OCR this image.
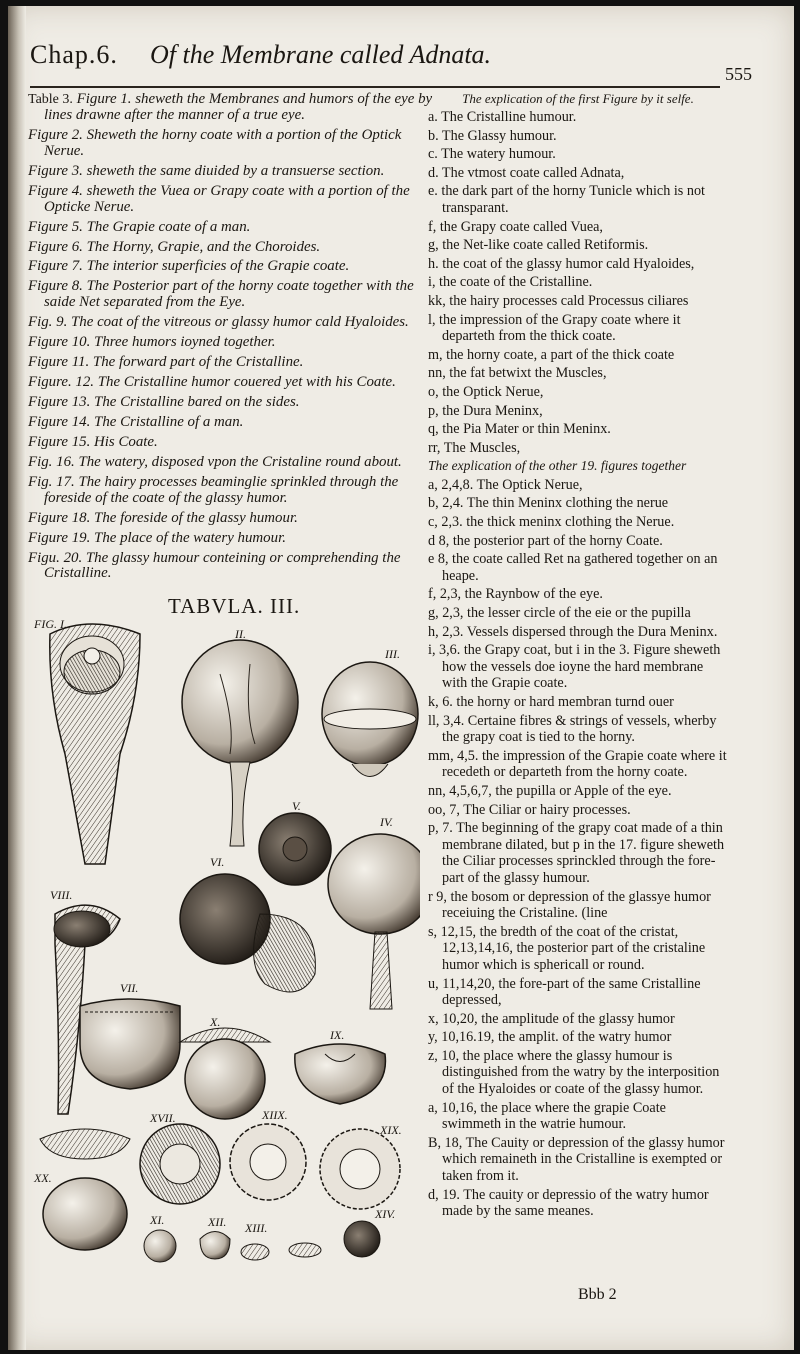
Chap.6. Of the Membrane called Adnata.
555
Table 3. Figure 1. sheweth the Membranes and humors of the eye by lines drawne after the manner of a true eye.
Figure 2. Sheweth the horny coate with a portion of the Optick Nerue.
Figure 3. sheweth the same diuided by a transuerse section.
Figure 4. sheweth the Vuea or Grapy coate with a portion of the Opticke Nerue.
Figure 5. The Grapie coate of a man.
Figure 6. The Horny, Grapie, and the Choroides.
Figure 7. The interior superficies of the Grapie coate.
Figure 8. The Posterior part of the horny coate together with the saide Net separated from the Eye.
Fig. 9. The coat of the vitreous or glassy humor cald Hyaloides.
Figure 10. Three humors ioyned together.
Figure 11. The forward part of the Cristalline.
Figure. 12. The Cristalline humor couered yet with his Coate.
Figure 13. The Cristalline bared on the sides.
Figure 14. The Cristalline of a man.
Figure 15. His Coate.
Fig. 16. The watery, disposed vpon the Cristaline round about.
Fig. 17. The hairy processes beaminglie sprinkled through the foreside of the coate of the glassy humor.
Figure 18. The foreside of the glassy humour.
Figure 19. The place of the watery humour.
Figu. 20. The glassy humour conteining or comprehending the Cristalline.
TABVLA. III.
FIG. I.
II.
III.
V.
IV.
VI.
VIII.
VII.
X.
IX.
XIIX.
XIX.
XVII.
XX.
XI.	XII. XIII.
XIV.
The explication of the first Figure by it selfe.
a. The Cristalline humour.
b. The Glassy humour.
c. The watery humour.
d. The vtmost coate called Adnata,
e. the dark part of the horny Tunicle which is not transparant.
f, the Grapy coate called Vuea,
g, the Net-like coate called Retiformis.
h. the coat of the glassy humor cald Hyaloides,
i, the coate of the Cristalline.
kk, the hairy processes cald Processus ciliares
l, the impression of the Grapy coate where it departeth from the thick coate.
m, the horny coate, a part of the thick coate
nn, the fat betwixt the Muscles,
o, the Optick Nerue,
p, the Dura Meninx,
q, the Pia Mater or thin Meninx.
rr, The Muscles,
The explication of the other 19. figures together
a, 2,4,8. The Optick Nerue,
b, 2,4. The thin Meninx clothing the nerue
c, 2,3. the thick meninx clothing the Nerue.
d 8, the posterior part of the horny Coate.
e 8, the coate called Ret na gathered together on an heape.
f, 2,3, the Raynbow of the eye.
g, 2,3, the lesser circle of the eie or the pupilla
h, 2,3. Vessels dispersed through the Dura Meninx.
i, 3,6. the Grapy coat, but i in the 3. Figure sheweth how the vessels doe ioyne the hard membrane with the Grapie coate.
k, 6. the horny or hard membran turnd ouer
ll, 3,4. Certaine fibres & strings of vessels, wherby the grapy coat is tied to the horny.
mm, 4,5. the impression of the Grapie coate where it recedeth or departeth from the horny coate.
nn, 4,5,6,7, the pupilla or Apple of the eye.
oo, 7, The Ciliar or hairy processes.
p, 7. The beginning of the grapy coat made of a thin membrane dilated, but p in the 17. figure sheweth the Ciliar processes sprinckled through the fore-part of the glassy humour.
r 9, the bosom or depression of the glassye humor receiuing the Cristaline. (line
s, 12,15, the bredth of the coat of the cristat, 12,13,14,16, the posterior part of the cristaline humor which is sphericall or round.
u, 11,14,20, the fore-part of the same Cristalline depressed,
x, 10,20, the amplitude of the glassy humor
y, 10,16.19, the amplit. of the watry humor
z, 10, the place where the glassy humour is distinguished from the watry by the interposition of the Hyaloides or coate of the glassy humor.
a, 10,16, the place where the grapie Coate swimmeth in the watrie humour.
B, 18, The Cauity or depression of the glassy humor which remaineth in the Cristalline is exempted or taken from it.
d, 19. The cauity or depressio of the watry humor made by the same meanes.
Bbb 2
